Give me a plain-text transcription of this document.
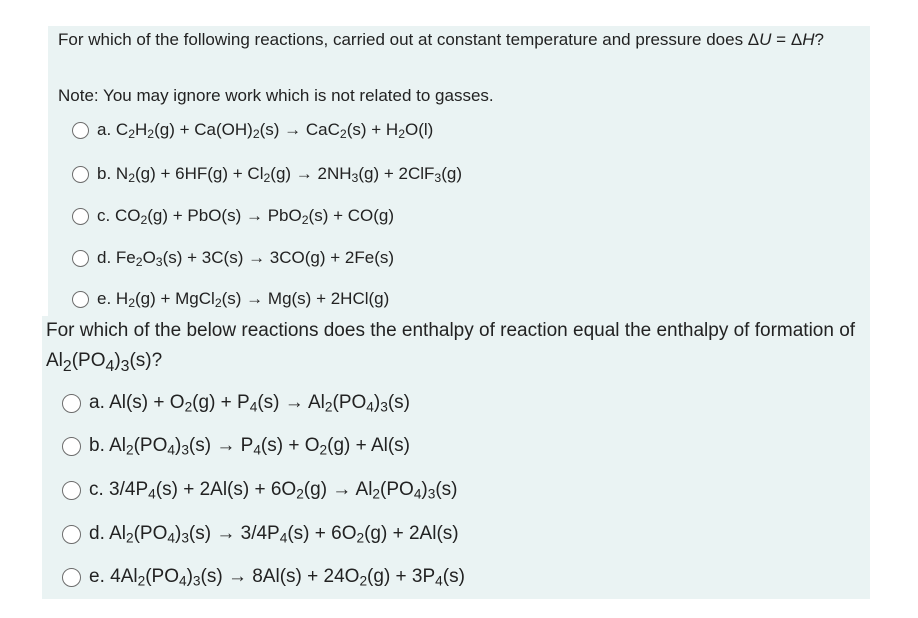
For which of the following reactions, carried out at constant temperature and pressure does ΔU = ΔH?

Note: You may ignore work which is not related to gasses.

a. $C_2H_2(g) + Ca(OH)_2(s) \to CaC_2(s) + H_2O(l)$
b. $N_2(g) + 6HF(g) + Cl_2(g) \to 2NH_3(g) + 2ClF_3(g)$
c. $CO_2(g) + PbO(s) \to PbO_2(s) + CO(g)$
d. $Fe_2O_3(s) + 3C(s) \to 3CO(g) + 2Fe(s)$
e. $H_2(g)$ + MgCl$_2$(s) → Mg(s) + 2HCl(g)

For which of the below reactions does the enthalpy of reaction equal the enthalpy of formation of $Al_2(PO_4)_3(s)$?

a. $Al(s) + O_2(g) + P_4(s) \to Al_2(PO_4)_3(s)$
b. $Al_2(PO_4)_3(s) \to P_4(s) + O_2(g) + Al(s)$
c. $3/4P_4(s) + 2Al(s) + 6O_2(g) \to Al_2(PO_4)_3(s)$
d. $Al_2(PO_4)_3(s) \to 3/4P_4(s) + 6O_2(g) + 2Al(s)$
e. $4Al_2(PO_4)_3(s) \to 8Al(s) + 24O_2(g) + 3P_4(s)$
